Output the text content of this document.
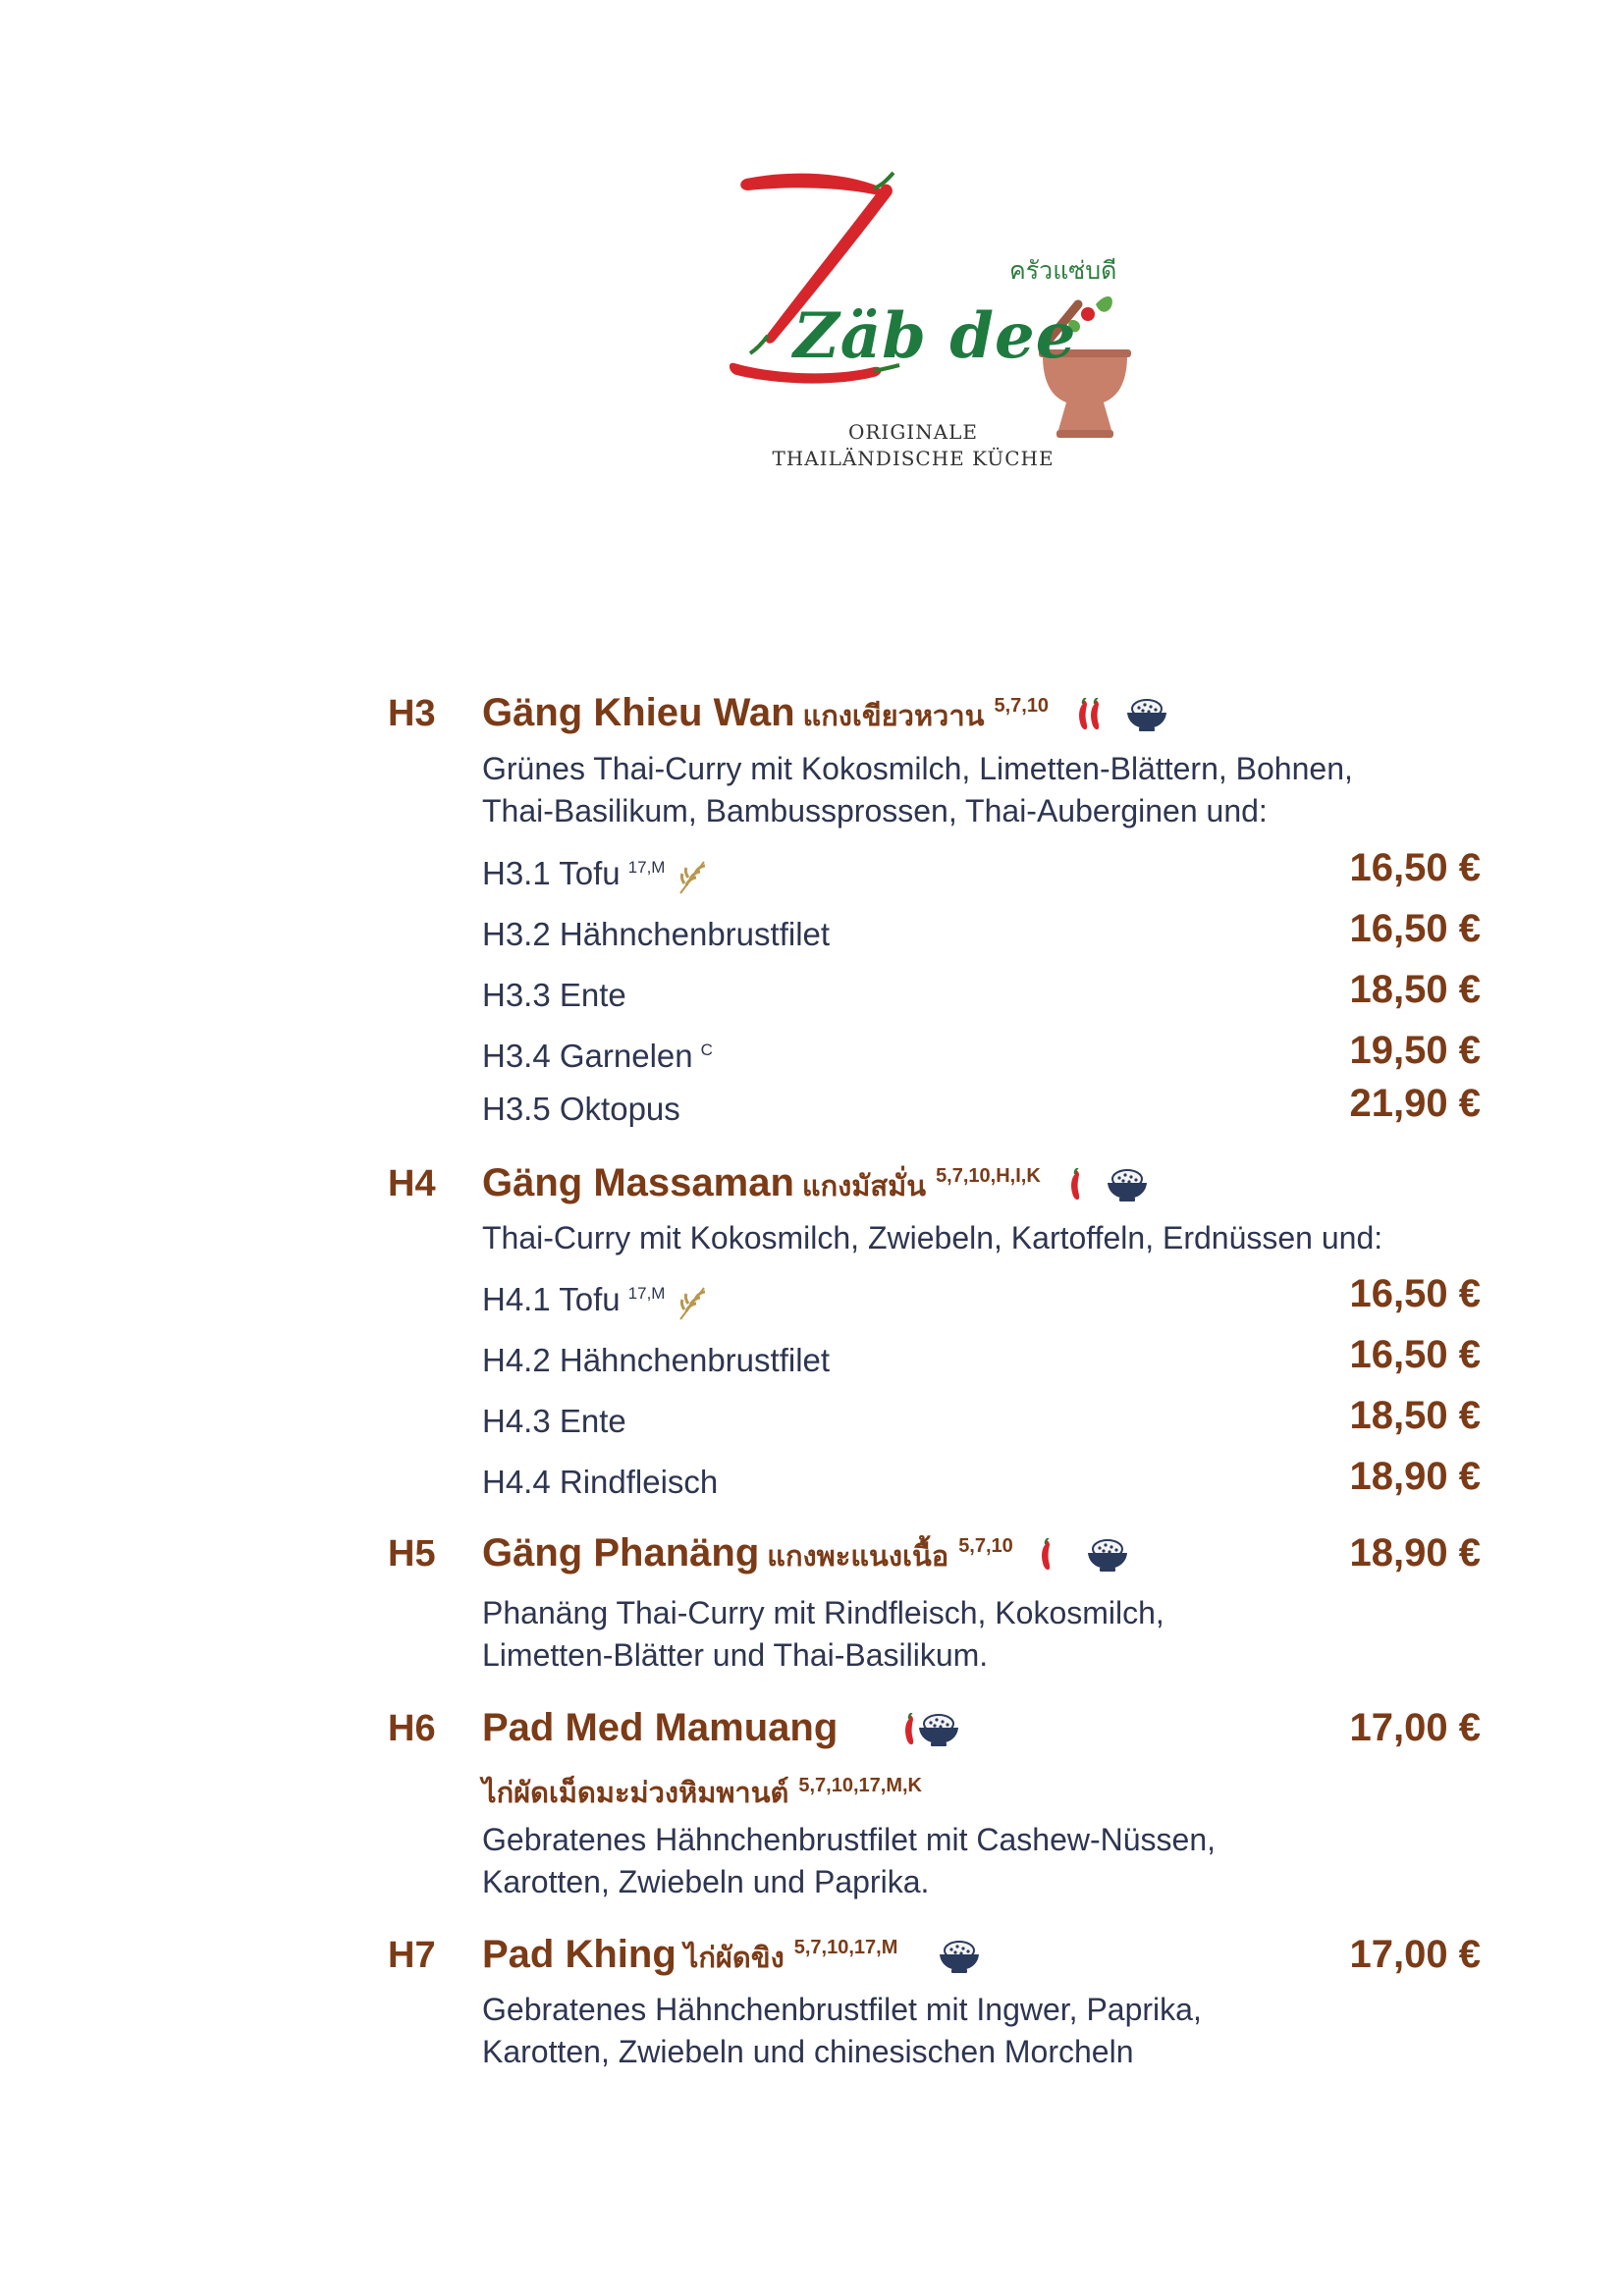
ครัวแซ่บดี
Zäb dee
ORIGINALE
THAILÄNDISCHE KÜCHE
H3 Gäng Khieu Wan แกงเขียวหวาน $^{5,7,10}$
Grünes Thai-Curry mit Kokosmilch, Limetten-Blättern, Bohnen,
Thai-Basilikum, Bambussprossen, Thai-Auberginen und:
H3.1 Tofu $^{17,M}$	16,50 €
H3.2 Hähnchenbrustfilet	16,50 €
H3.3 Ente	18,50 €
H3.4 Garnelen $^C$	19,50 €
H3.5 Oktopus	21,90 €
H4 Gäng Massaman แกงมัสมั่น $^{5,7,10,H,I,K}$
Thai-Curry mit Kokosmilch, Zwiebeln, Kartoffeln, Erdnüssen und:
H4.1 Tofu $^{17,M}$	16,50 €
H4.2 Hähnchenbrustfilet	16,50 €
H4.3 Ente	18,50 €
H4.4 Rindfleisch	18,90 €
H5 Gäng Phanäng แกงพะแนงเนื้อ $^{5,7,10}$	18,90 €
Phanäng Thai-Curry mit Rindfleisch, Kokosmilch,
Limetten-Blätter und Thai-Basilikum.
H6 Pad Med Mamuang	17,00 €
ไก่ผัดเม็ดมะม่วงหิมพานต์ $^{5,7,10,17,M,K}$
Gebratenes Hähnchenbrustfilet mit Cashew-Nüssen,
Karotten, Zwiebeln und Paprika.
H7 Pad Khing ไก่ผัดขิง $^{5,7,10,17,M}$	17,00 €
Gebratenes Hähnchenbrustfilet mit Ingwer, Paprika,
Karotten, Zwiebeln und chinesischen Morcheln
